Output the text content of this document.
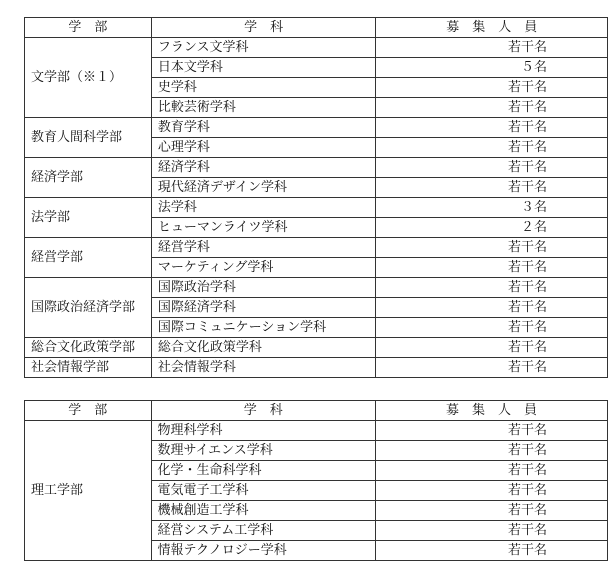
学　部	学　科	募　集　人　員
文学部（※１）	フランス文学科	若干名
	日本文学科	５名
	史学科	若干名
	比較芸術学科	若干名
教育人間科学部	教育学科	若干名
	心理学科	若干名
経済学部	経済学科	若干名
	現代経済デザイン学科	若干名
法学部	法学科	３名
	ヒューマンライツ学科	２名
経営学部	経営学科	若干名
	マーケティング学科	若干名
国際政治経済学部	国際政治学科	若干名
	国際経済学科	若干名
	国際コミュニケーション学科	若干名
総合文化政策学部	総合文化政策学科	若干名
社会情報学部	社会情報学科	若干名
学　部	学　科	募　集　人　員
理工学部	物理科学科	若干名
	数理サイエンス学科	若干名
	化学・生命科学科	若干名
	電気電子工学科	若干名
	機械創造工学科	若干名
	経営システム工学科	若干名
	情報テクノロジー学科	若干名
